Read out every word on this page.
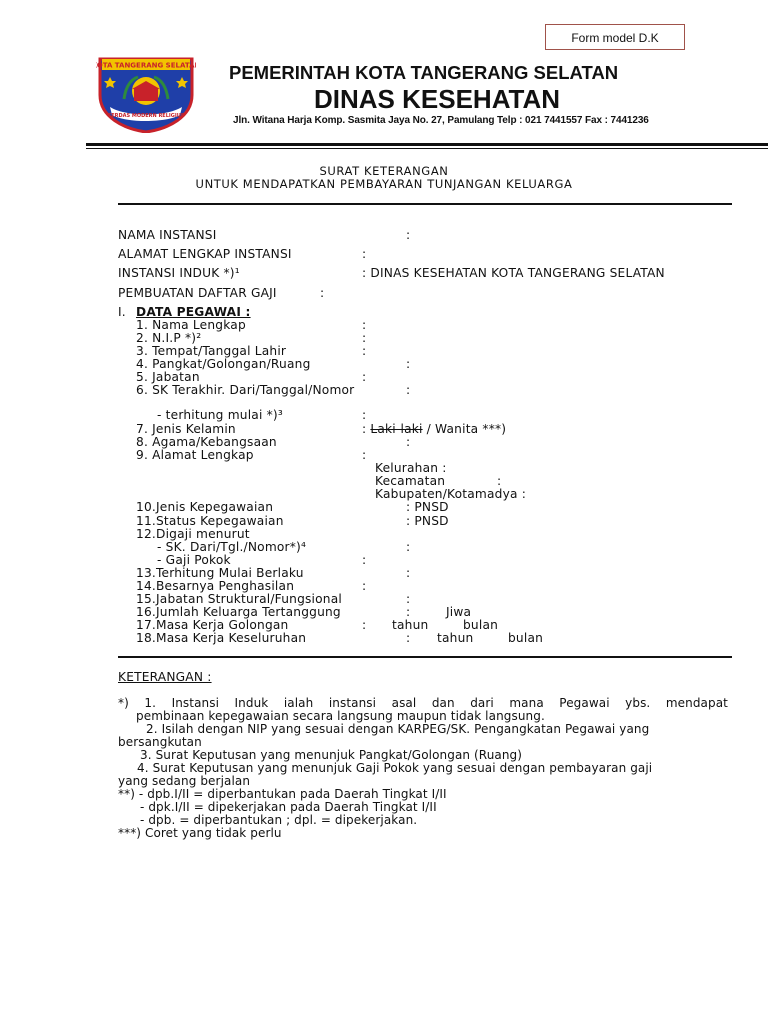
Form model D.K
KOTA TANGERANG SELATAN
CERDAS MODERN RELIGIUS
PEMERINTAH KOTA TANGERANG SELATAN
DINAS KESEHATAN
Jln. Witana Harja Komp. Sasmita Jaya No. 27, Pamulang Telp : 021 7441557 Fax : 7441236
SURAT KETERANGAN
UNTUK MENDAPATKAN PEMBAYARAN TUNJANGAN KELUARGA
NAMA INSTANSI	:
ALAMAT LENGKAP INSTANSI	:
INSTANSI INDUK *)¹	: DINAS KESEHATAN KOTA TANGERANG SELATAN
PEMBUATAN DAFTAR GAJI	:
I. DATA PEGAWAI :
1. Nama Lengkap	:
2. N.I.P *)²	:
3. Tempat/Tanggal Lahir	:
4. Pangkat/Golongan/Ruang	:
5. Jabatan	:
6. SK Terakhir. Dari/Tanggal/Nomor	:
- terhitung mulai *)³	:
7. Jenis Kelamin	: Laki-laki / Wanita ***)
8. Agama/Kebangsaan	:
9. Alamat Lengkap	:
Kelurahan :
Kecamatan	:
Kabupaten/Kotamadya :
10.Jenis Kepegawaian	: PNSD
11.Status Kepegawaian	: PNSD
12.Digaji menurut
- SK. Dari/Tgl./Nomor*)⁴	:
- Gaji Pokok	:
13.Terhitung Mulai Berlaku	:
14.Besarnya Penghasilan	:
15.Jabatan Struktural/Fungsional	:
16.Jumlah Keluarga Tertanggung	:	Jiwa
17.Masa Kerja Golongan	: tahun	bulan
18.Masa Kerja Keseluruhan	: tahun	bulan
KETERANGAN :
*) 1. Instansi Induk ialah instansi asal dan dari mana Pegawai ybs. mendapat
pembinaan kepegawaian secara langsung maupun tidak langsung.
2. Isilah dengan NIP yang sesuai dengan KARPEG/SK. Pengangkatan Pegawai yang
bersangkutan
3. Surat Keputusan yang menunjuk Pangkat/Golongan (Ruang)
4. Surat Keputusan yang menunjuk Gaji Pokok yang sesuai dengan pembayaran gaji
yang sedang berjalan
**) - dpb.I/II = diperbantukan pada Daerah Tingkat I/II
- dpk.I/II = dipekerjakan pada Daerah Tingkat I/II
- dpb. = diperbantukan ; dpl. = dipekerjakan.
***) Coret yang tidak perlu
